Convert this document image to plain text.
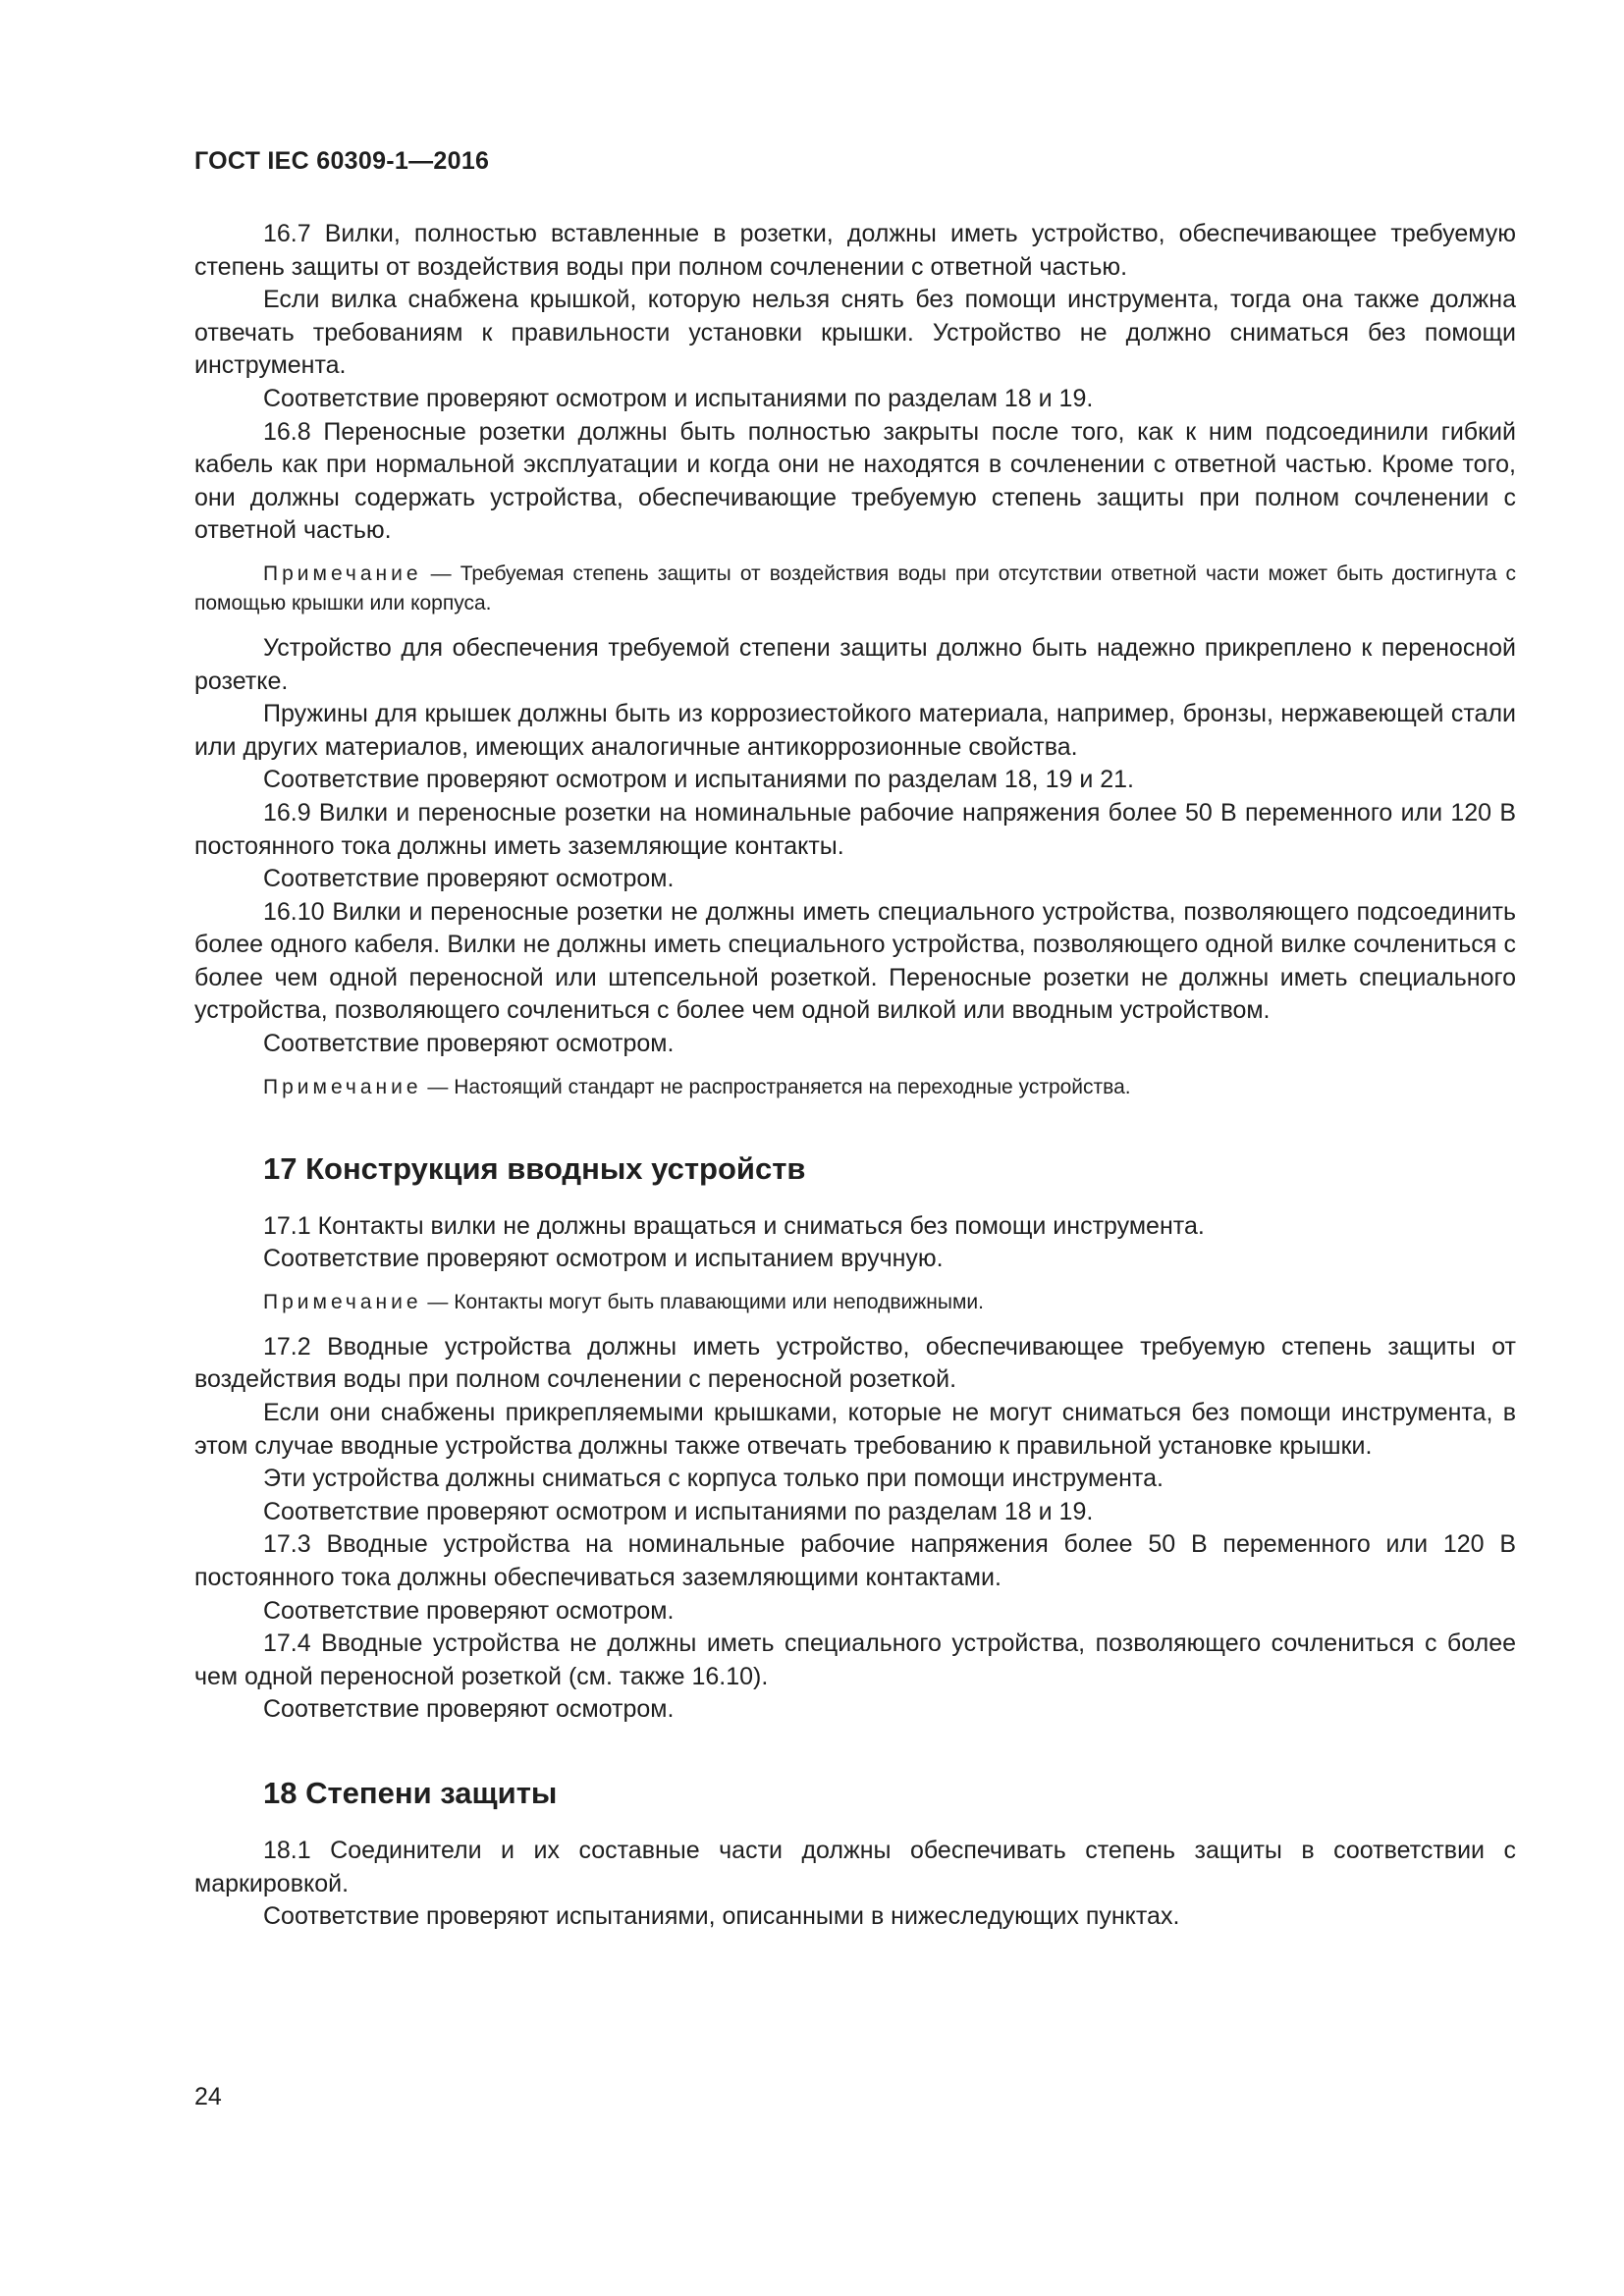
ГОСТ IEC 60309-1—2016

16.7 Вилки, полностью вставленные в розетки, должны иметь устройство, обеспечивающее требуемую степень защиты от воздействия воды при полном сочленении с ответной частью.

Если вилка снабжена крышкой, которую нельзя снять без помощи инструмента, тогда она также должна отвечать требованиям к правильности установки крышки. Устройство не должно сниматься без помощи инструмента.

Соответствие проверяют осмотром и испытаниями по разделам 18 и 19.

16.8 Переносные розетки должны быть полностью закрыты после того, как к ним подсоединили гибкий кабель как при нормальной эксплуатации и когда они не находятся в сочленении с ответной частью. Кроме того, они должны содержать устройства, обеспечивающие требуемую степень защиты при полном сочленении с ответной частью.

Примечание — Требуемая степень защиты от воздействия воды при отсутствии ответной части может быть достигнута с помощью крышки или корпуса.

Устройство для обеспечения требуемой степени защиты должно быть надежно прикреплено к переносной розетке.

Пружины для крышек должны быть из коррозиестойкого материала, например, бронзы, нержавеющей стали или других материалов, имеющих аналогичные антикоррозионные свойства.

Соответствие проверяют осмотром и испытаниями по разделам 18, 19 и 21.

16.9 Вилки и переносные розетки на номинальные рабочие напряжения более 50 В переменного или 120 В постоянного тока должны иметь заземляющие контакты.

Соответствие проверяют осмотром.

16.10 Вилки и переносные розетки не должны иметь специального устройства, позволяющего подсоединить более одного кабеля. Вилки не должны иметь специального устройства, позволяющего одной вилке сочлениться с более чем одной переносной или штепсельной розеткой. Переносные розетки не должны иметь специального устройства, позволяющего сочлениться с более чем одной вилкой или вводным устройством.

Соответствие проверяют осмотром.

Примечание — Настоящий стандарт не распространяется на переходные устройства.

17 Конструкция вводных устройств

17.1 Контакты вилки не должны вращаться и сниматься без помощи инструмента.

Соответствие проверяют осмотром и испытанием вручную.

Примечание — Контакты могут быть плавающими или неподвижными.

17.2 Вводные устройства должны иметь устройство, обеспечивающее требуемую степень защиты от воздействия воды при полном сочленении с переносной розеткой.

Если они снабжены прикрепляемыми крышками, которые не могут сниматься без помощи инструмента, в этом случае вводные устройства должны также отвечать требованию к правильной установке крышки.

Эти устройства должны сниматься с корпуса только при помощи инструмента.

Соответствие проверяют осмотром и испытаниями по разделам 18 и 19.

17.3 Вводные устройства на номинальные рабочие напряжения более 50 В переменного или 120 В постоянного тока должны обеспечиваться заземляющими контактами.

Соответствие проверяют осмотром.

17.4 Вводные устройства не должны иметь специального устройства, позволяющего сочлениться с более чем одной переносной розеткой (см. также 16.10).

Соответствие проверяют осмотром.

18 Степени защиты

18.1 Соединители и их составные части должны обеспечивать степень защиты в соответствии с маркировкой.

Соответствие проверяют испытаниями, описанными в нижеследующих пунктах.

24
